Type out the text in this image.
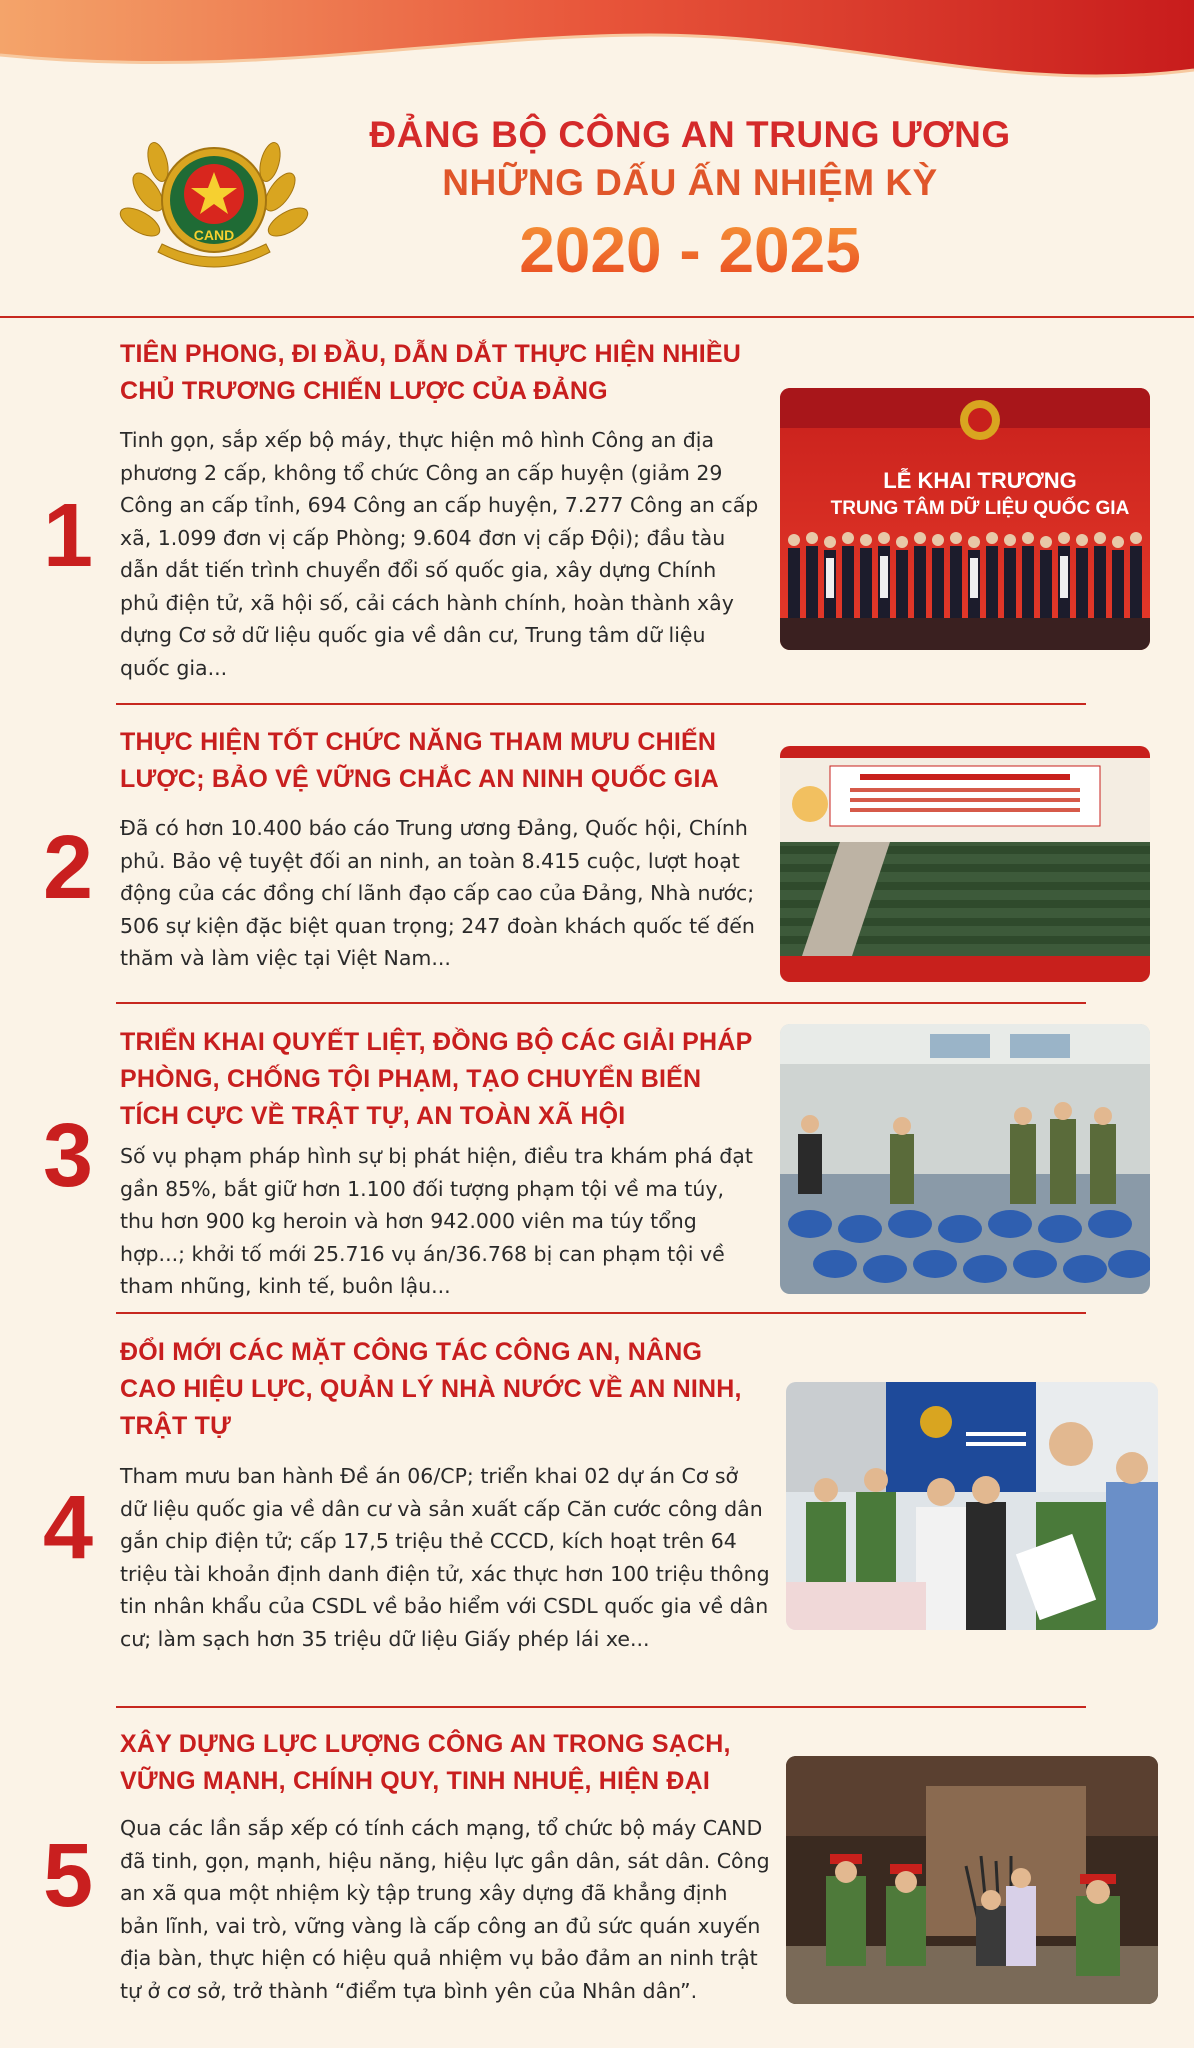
CAND
ĐẢNG BỘ CÔNG AN TRUNG ƯƠNG
NHỮNG DẤU ẤN NHIỆM KỲ
2020 - 2025
TIÊN PHONG, ĐI ĐẦU, DẪN DẮT THỰC HIỆN NHIỀU CHỦ TRƯƠNG CHIẾN LƯỢC CỦA ĐẢNG
1
Tinh gọn, sắp xếp bộ máy, thực hiện mô hình Công an địa phương 2 cấp, không tổ chức Công an cấp huyện (giảm 29 Công an cấp tỉnh, 694 Công an cấp huyện, 7.277 Công an cấp xã, 1.099 đơn vị cấp Phòng; 9.604 đơn vị cấp Đội); đầu tàu dẫn dắt tiến trình chuyển đổi số quốc gia, xây dựng Chính phủ điện tử, xã hội số, cải cách hành chính, hoàn thành xây dựng Cơ sở dữ liệu quốc gia về dân cư, Trung tâm dữ liệu quốc gia...
LỄ KHAI TRƯƠNG
TRUNG TÂM DỮ LIỆU QUỐC GIA
THỰC HIỆN TỐT CHỨC NĂNG THAM MƯU CHIẾN LƯỢC; BẢO VỆ VỮNG CHẮC AN NINH QUỐC GIA
2 Đã có hơn 10.400 báo cáo Trung ương Đảng, Quốc hội, Chính phủ. Bảo vệ tuyệt đối an ninh, an toàn 8.415 cuộc, lượt hoạt động của các đồng chí lãnh đạo cấp cao của Đảng, Nhà nước; 506 sự kiện đặc biệt quan trọng; 247 đoàn khách quốc tế đến thăm và làm việc tại Việt Nam...
TRIỂN KHAI QUYẾT LIỆT, ĐỒNG BỘ CÁC GIẢI PHÁP PHÒNG, CHỐNG TỘI PHẠM, TẠO CHUYỂN BIẾN TÍCH CỰC VỀ TRẬT TỰ, AN TOÀN XÃ HỘI
3 Số vụ phạm pháp hình sự bị phát hiện, điều tra khám phá đạt gần 85%, bắt giữ hơn 1.100 đối tượng phạm tội về ma túy, thu hơn 900 kg heroin và hơn 942.000 viên ma túy tổng hợp...; khởi tố mới 25.716 vụ án/36.768 bị can phạm tội về tham nhũng, kinh tế, buôn lậu...
ĐỔI MỚI CÁC MẶT CÔNG TÁC CÔNG AN, NÂNG CAO HIỆU LỰC, QUẢN LÝ NHÀ NƯỚC VỀ AN NINH, TRẬT TỰ
4
Tham mưu ban hành Đề án 06/CP; triển khai 02 dự án Cơ sở dữ liệu quốc gia về dân cư và sản xuất cấp Căn cước công dân gắn chip điện tử; cấp 17,5 triệu thẻ CCCD, kích hoạt trên 64 triệu tài khoản định danh điện tử, xác thực hơn 100 triệu thông tin nhân khẩu của CSDL về bảo hiểm với CSDL quốc gia về dân cư; làm sạch hơn 35 triệu dữ liệu Giấy phép lái xe...
XÂY DỰNG LỰC LƯỢNG CÔNG AN TRONG SẠCH, VỮNG MẠNH, CHÍNH QUY, TINH NHUỆ, HIỆN ĐẠI
5 Qua các lần sắp xếp có tính cách mạng, tổ chức bộ máy CAND đã tinh, gọn, mạnh, hiệu năng, hiệu lực gần dân, sát dân. Công an xã qua một nhiệm kỳ tập trung xây dựng đã khẳng định bản lĩnh, vai trò, vững vàng là cấp công an đủ sức quán xuyến địa bàn, thực hiện có hiệu quả nhiệm vụ bảo đảm an ninh trật tự ở cơ sở, trở thành “điểm tựa bình yên của Nhân dân”.
